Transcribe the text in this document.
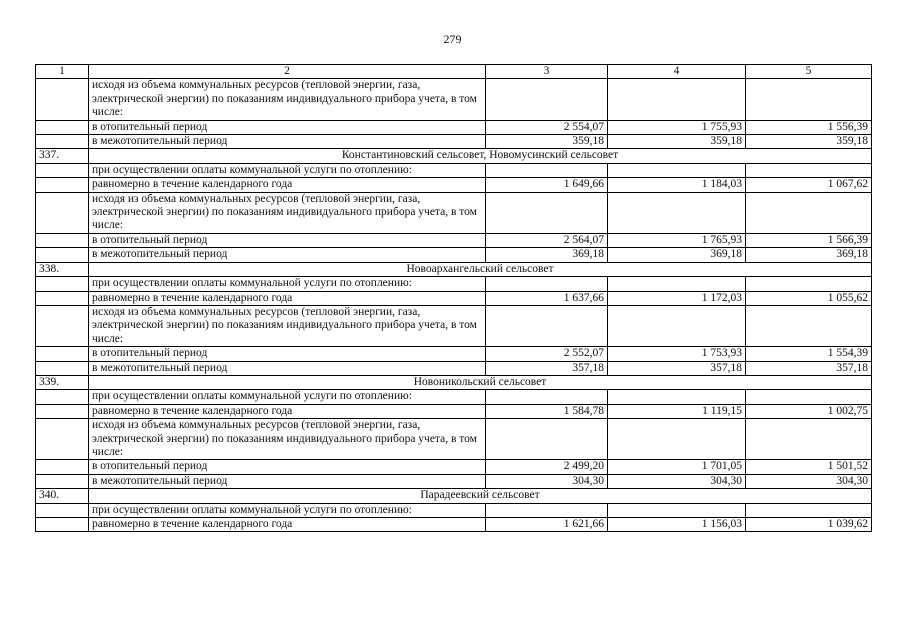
279
1	2	3	4	5
	исходя из объема коммунальных ресурсов (тепловой энергии, газа, электрической энергии) по показаниям индивидуального прибора учета, в том числе:			
	в отопительный период	2 554,07	1 755,93	1 556,39
	в межотопительный период	359,18	359,18	359,18
337.	Константиновский сельсовет, Новомусинский сельсовет			
	при осуществлении оплаты коммунальной услуги по отоплению:			
	равномерно в течение календарного года	1 649,66	1 184,03	1 067,62
	исходя из объема коммунальных ресурсов (тепловой энергии, газа, электрической энергии) по показаниям индивидуального прибора учета, в том числе:			
	в отопительный период	2 564,07	1 765,93	1 566,39
	в межотопительный период	369,18	369,18	369,18
338.	Новоархангельский сельсовет			
	при осуществлении оплаты коммунальной услуги по отоплению:			
	равномерно в течение календарного года	1 637,66	1 172,03	1 055,62
	исходя из объема коммунальных ресурсов (тепловой энергии, газа, электрической энергии) по показаниям индивидуального прибора учета, в том числе:			
	в отопительный период	2 552,07	1 753,93	1 554,39
	в межотопительный период	357,18	357,18	357,18
339.	Новоникольский сельсовет			
	при осуществлении оплаты коммунальной услуги по отоплению:			
	равномерно в течение календарного года	1 584,78	1 119,15	1 002,75
	исходя из объема коммунальных ресурсов (тепловой энергии, газа, электрической энергии) по показаниям индивидуального прибора учета, в том числе:			
	в отопительный период	2 499,20	1 701,05	1 501,52
	в межотопительный период	304,30	304,30	304,30
340.	Парадеевский сельсовет			
	при осуществлении оплаты коммунальной услуги по отоплению:			
	равномерно в течение календарного года	1 621,66	1 156,03	1 039,62
